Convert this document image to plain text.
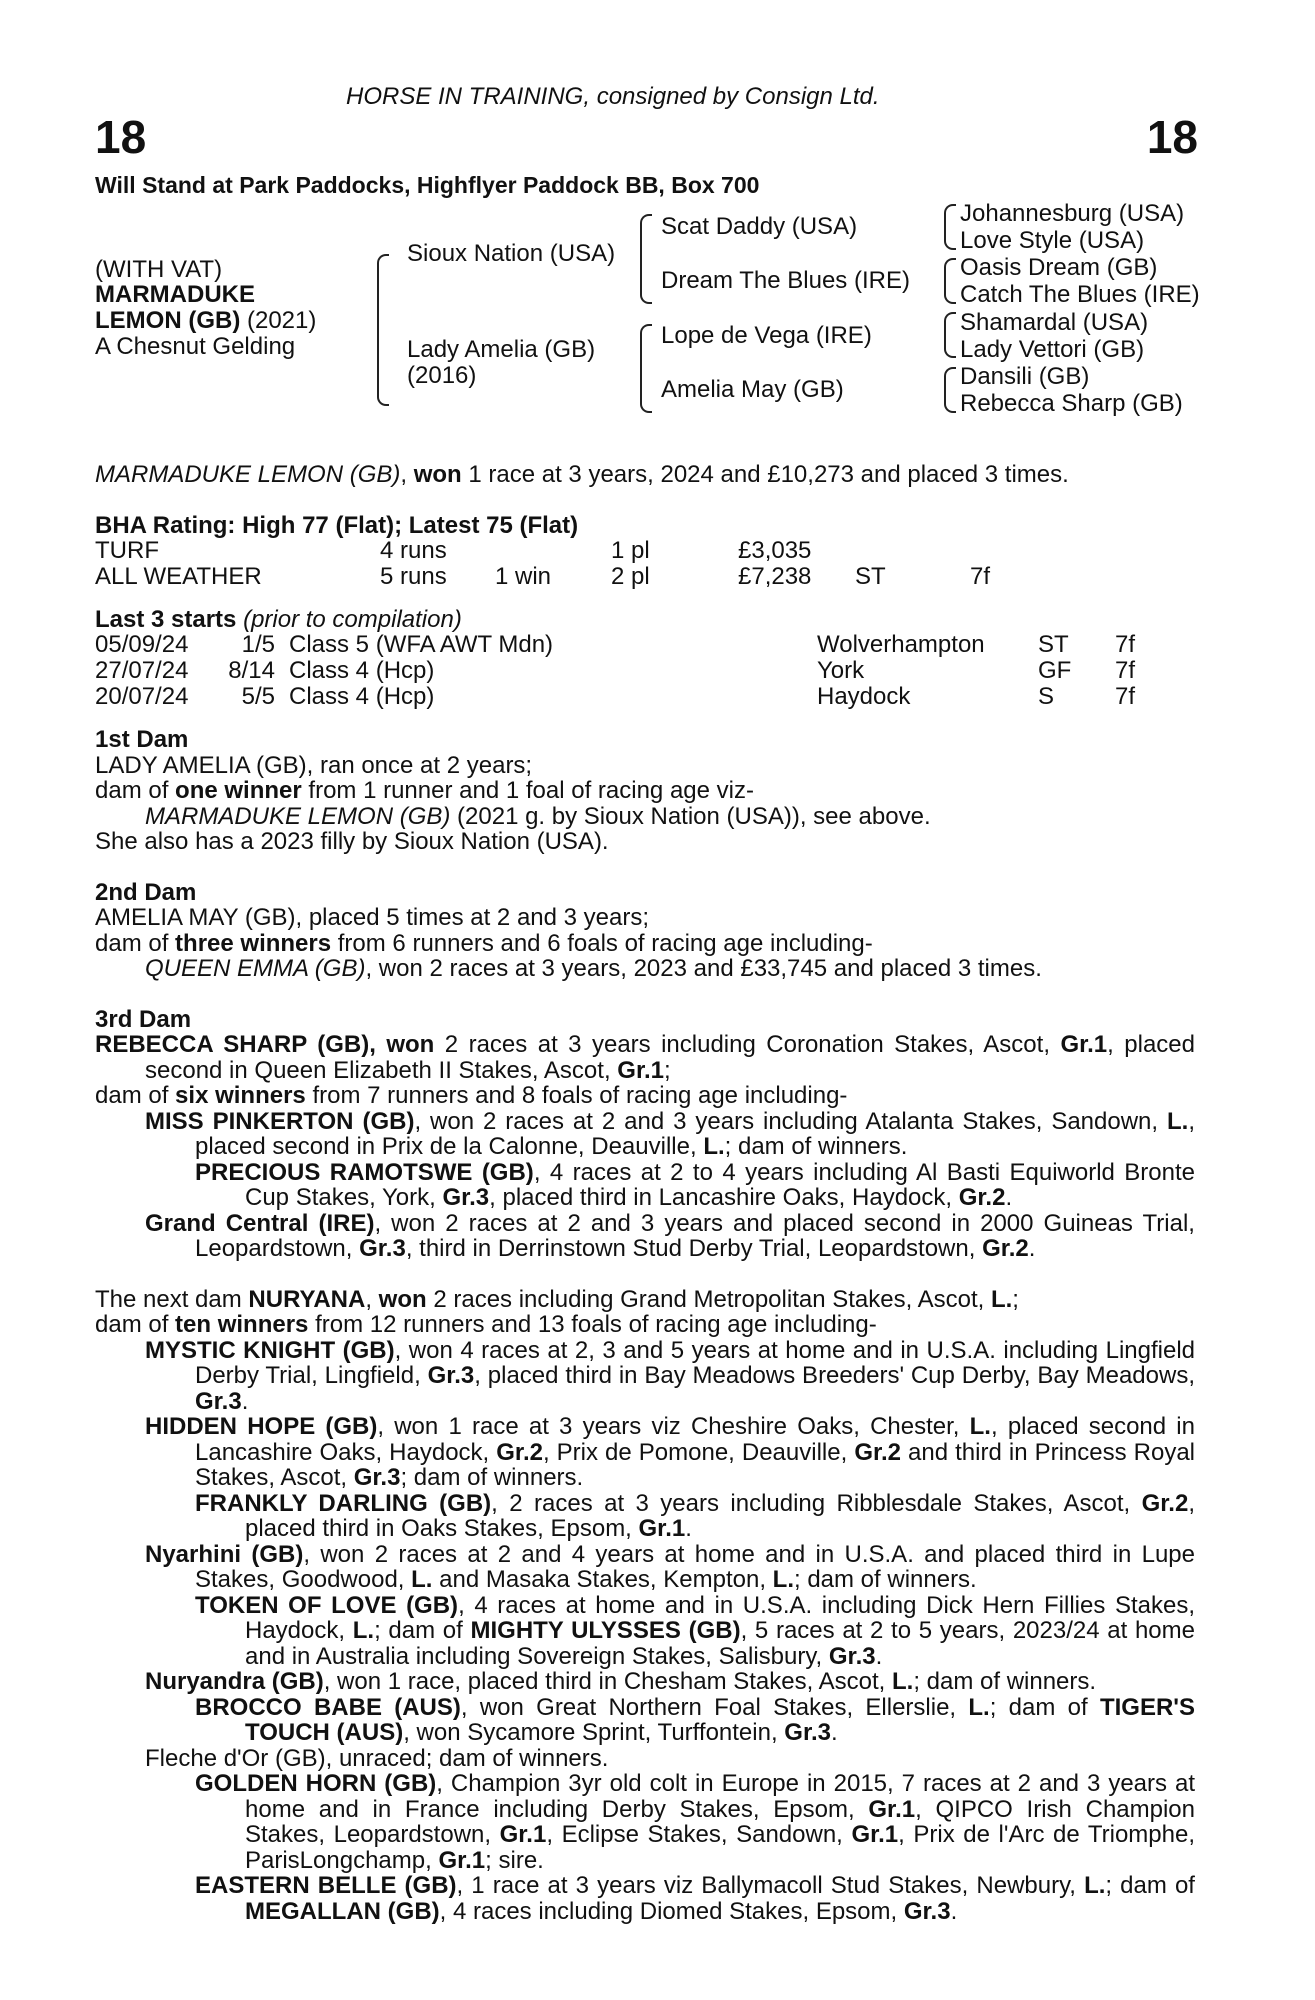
HORSE IN TRAINING, consigned by Consign Ltd.
18	18
Will Stand at Park Paddocks, Highflyer Paddock BB, Box 700
(WITH VAT)
MARMADUKE
LEMON (GB) (2021)
A Chesnut Gelding
Sioux Nation (USA)
Lady Amelia (GB)
(2016)
Scat Daddy (USA)
Dream The Blues (IRE)
Lope de Vega (IRE)
Amelia May (GB)
Johannesburg (USA)
Love Style (USA)
Oasis Dream (GB)
Catch The Blues (IRE)
Shamardal (USA)
Lady Vettori (GB)
Dansili (GB)
Rebecca Sharp (GB)
MARMADUKE LEMON (GB), won 1 race at 3 years, 2024 and £10,273 and placed 3 times.
BHA Rating: High 77 (Flat); Latest 75 (Flat)
TURF	4 runs	1 pl	£3,035
ALL WEATHER	5 runs 1 win 2 pl	£7,238 ST	7f
Last 3 starts (prior to compilation)
05/09/24	1/5 Class 5 (WFA AWT Mdn)	Wolverhampton ST 7f
27/07/24	8/14 Class 4 (Hcp)	York	GF 7f
20/07/24	5/5 Class 4 (Hcp)	Haydock	S	7f

1st Dam

LADY AMELIA (GB), ran once at 2 years;

dam of one winner from 1 runner and 1 foal of racing age viz-

MARMADUKE LEMON (GB) (2021 g. by Sioux Nation (USA)), see above.

She also has a 2023 filly by Sioux Nation (USA).

2nd Dam

AMELIA MAY (GB), placed 5 times at 2 and 3 years;

dam of three winners from 6 runners and 6 foals of racing age including-

QUEEN EMMA (GB), won 2 races at 3 years, 2023 and £33,745 and placed 3 times.

3rd Dam

REBECCA SHARP (GB), won 2 races at 3 years including Coronation Stakes, Ascot, Gr.1, placed second in Queen Elizabeth II Stakes, Ascot, Gr.1;

dam of six winners from 7 runners and 8 foals of racing age including-

MISS PINKERTON (GB), won 2 races at 2 and 3 years including Atalanta Stakes, Sandown, L., placed second in Prix de la Calonne, Deauville, L.; dam of winners.

PRECIOUS RAMOTSWE (GB), 4 races at 2 to 4 years including Al Basti Equiworld Bronte Cup Stakes, York, Gr.3, placed third in Lancashire Oaks, Haydock, Gr.2.

Grand Central (IRE), won 2 races at 2 and 3 years and placed second in 2000 Guineas Trial, Leopardstown, Gr.3, third in Derrinstown Stud Derby Trial, Leopardstown, Gr.2.

The next dam NURYANA, won 2 races including Grand Metropolitan Stakes, Ascot, L.;

dam of ten winners from 12 runners and 13 foals of racing age including-

MYSTIC KNIGHT (GB), won 4 races at 2, 3 and 5 years at home and in U.S.A. including Lingfield Derby Trial, Lingfield, Gr.3, placed third in Bay Meadows Breeders' Cup Derby, Bay Meadows, Gr.3.

HIDDEN HOPE (GB), won 1 race at 3 years viz Cheshire Oaks, Chester, L., placed second in Lancashire Oaks, Haydock, Gr.2, Prix de Pomone, Deauville, Gr.2 and third in Princess Royal Stakes, Ascot, Gr.3; dam of winners.

FRANKLY DARLING (GB), 2 races at 3 years including Ribblesdale Stakes, Ascot, Gr.2, placed third in Oaks Stakes, Epsom, Gr.1.

Nyarhini (GB), won 2 races at 2 and 4 years at home and in U.S.A. and placed third in Lupe Stakes, Goodwood, L. and Masaka Stakes, Kempton, L.; dam of winners.

TOKEN OF LOVE (GB), 4 races at home and in U.S.A. including Dick Hern Fillies Stakes, Haydock, L.; dam of MIGHTY ULYSSES (GB), 5 races at 2 to 5 years, 2023/24 at home and in Australia including Sovereign Stakes, Salisbury, Gr.3.

Nuryandra (GB), won 1 race, placed third in Chesham Stakes, Ascot, L.; dam of winners.

BROCCO BABE (AUS), won Great Northern Foal Stakes, Ellerslie, L.; dam of TIGER'S TOUCH (AUS), won Sycamore Sprint, Turffontein, Gr.3.

Fleche d'Or (GB), unraced; dam of winners.

GOLDEN HORN (GB), Champion 3yr old colt in Europe in 2015, 7 races at 2 and 3 years at home and in France including Derby Stakes, Epsom, Gr.1, QIPCO Irish Champion Stakes, Leopardstown, Gr.1, Eclipse Stakes, Sandown, Gr.1, Prix de l'Arc de Triomphe, ParisLongchamp, Gr.1; sire.

EASTERN BELLE (GB), 1 race at 3 years viz Ballymacoll Stud Stakes, Newbury, L.; dam of MEGALLAN (GB), 4 races including Diomed Stakes, Epsom, Gr.3.
